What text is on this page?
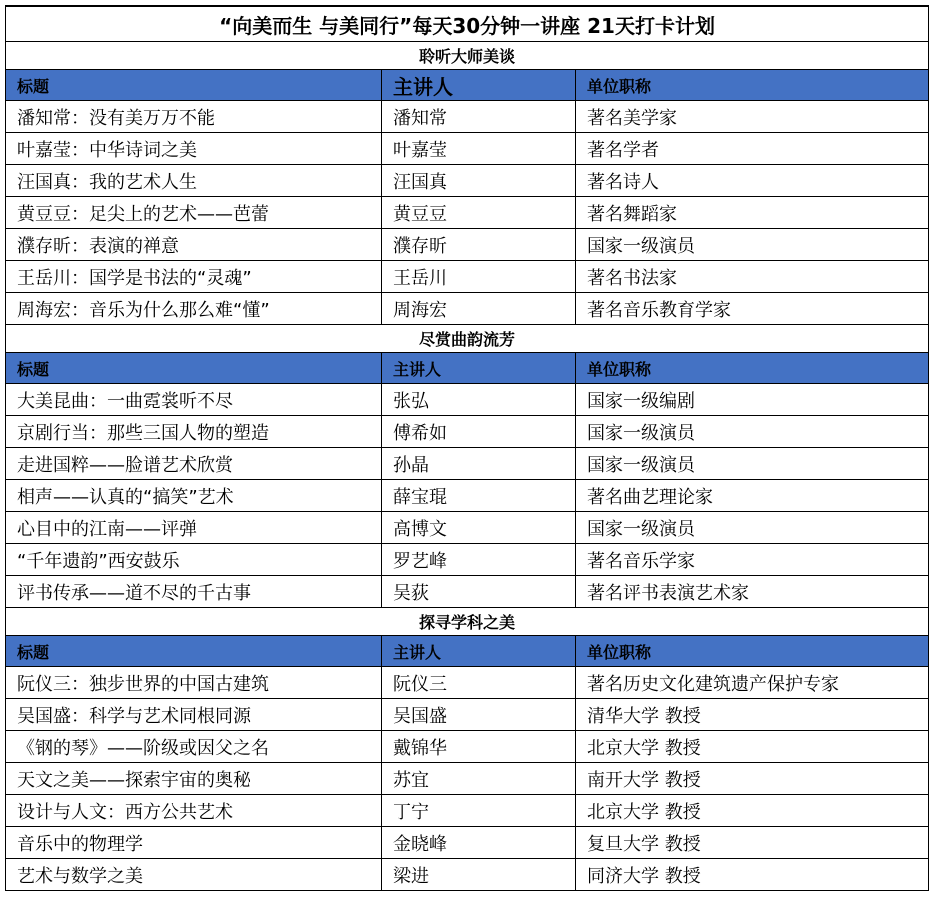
“向美而生 与美同行”每天30分钟一讲座 21天打卡计划		
聆听大师美谈		
标题	主讲人	单位职称
潘知常：没有美万万不能	潘知常	著名美学家
叶嘉莹：中华诗词之美	叶嘉莹	著名学者
汪国真：我的艺术人生	汪国真	著名诗人
黄豆豆：足尖上的艺术——芭蕾	黄豆豆	著名舞蹈家
濮存昕：表演的禅意	濮存昕	国家一级演员
王岳川：国学是书法的“灵魂”	王岳川	著名书法家
周海宏：音乐为什么那么难“懂”	周海宏	著名音乐教育学家
尽赏曲韵流芳		
标题	主讲人	单位职称
大美昆曲：一曲霓裳听不尽	张弘	国家一级编剧
京剧行当：那些三国人物的塑造	傅希如	国家一级演员
走进国粹——脸谱艺术欣赏	孙晶	国家一级演员
相声——认真的“搞笑”艺术	薛宝琨	著名曲艺理论家
心目中的江南——评弹	高博文	国家一级演员
“千年遗韵”西安鼓乐	罗艺峰	著名音乐学家
评书传承——道不尽的千古事	吴荻	著名评书表演艺术家
探寻学科之美		
标题	主讲人	单位职称
阮仪三：独步世界的中国古建筑	阮仪三	著名历史文化建筑遗产保护专家
吴国盛：科学与艺术同根同源	吴国盛	清华大学 教授
《钢的琴》——阶级或因父之名	戴锦华	北京大学 教授
天文之美——探索宇宙的奥秘	苏宜	南开大学 教授
设计与人文：西方公共艺术	丁宁	北京大学 教授
音乐中的物理学	金晓峰	复旦大学 教授
艺术与数学之美	梁进	同济大学 教授
